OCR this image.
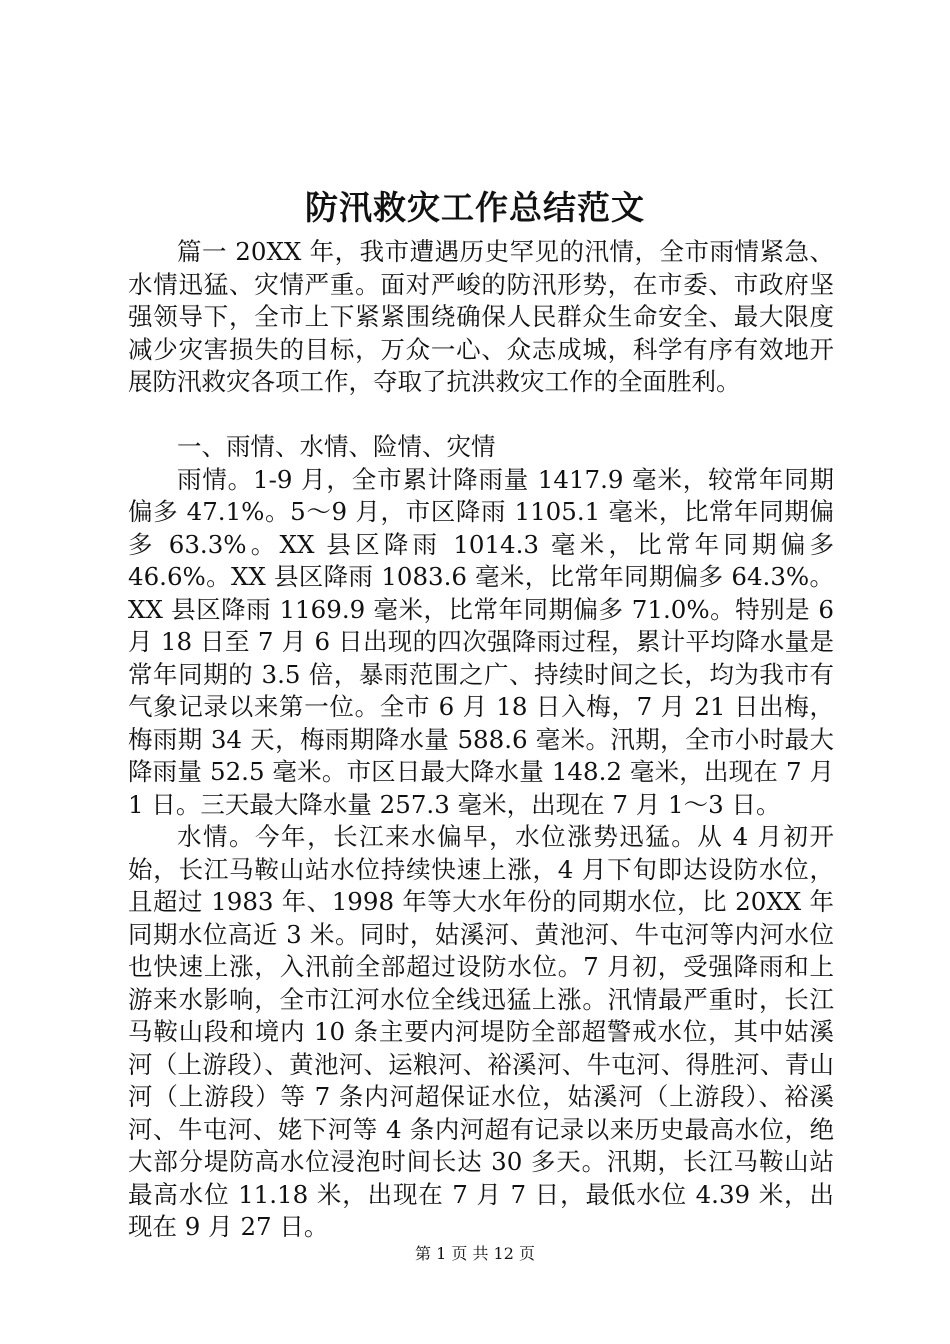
防汛救灾工作总结范文

篇一 20XX 年，我市遭遇历史罕见的汛情，全市雨情紧急、水情迅猛、灾情严重。面对严峻的防汛形势，在市委、市政府坚强领导下，全市上下紧紧围绕确保人民群众生命安全、最大限度减少灾害损失的目标，万众一心、众志成城，科学有序有效地开展防汛救灾各项工作，夺取了抗洪救灾工作的全面胜利。

一、雨情、水情、险情、灾情

雨情。1-9 月，全市累计降雨量 1417.9 毫米，较常年同期偏多 47.1%。5～9 月，市区降雨 1105.1 毫米，比常年同期偏多 63.3%。XX 县区降雨 1014.3 毫米，比常年同期偏多 46.6%。XX 县区降雨 1083.6 毫米，比常年同期偏多 64.3%。XX 县区降雨 1169.9 毫米，比常年同期偏多 71.0%。特别是 6 月 18 日至 7 月 6 日出现的四次强降雨过程，累计平均降水量是常年同期的 3.5 倍，暴雨范围之广、持续时间之长，均为我市有气象记录以来第一位。全市 6 月 18 日入梅，7 月 21 日出梅，梅雨期 34 天，梅雨期降水量 588.6 毫米。汛期，全市小时最大降雨量 52.5 毫米。市区日最大降水量 148.2 毫米，出现在 7 月 1 日。三天最大降水量 257.3 毫米，出现在 7 月 1～3 日。

水情。今年，长江来水偏早，水位涨势迅猛。从 4 月初开始，长江马鞍山站水位持续快速上涨，4 月下旬即达设防水位，且超过 1983 年、1998 年等大水年份的同期水位，比 20XX 年同期水位高近 3 米。同时，姑溪河、黄池河、牛屯河等内河水位也快速上涨，入汛前全部超过设防水位。7 月初，受强降雨和上游来水影响，全市江河水位全线迅猛上涨。汛情最严重时，长江马鞍山段和境内 10 条主要内河堤防全部超警戒水位，其中姑溪河（上游段）、黄池河、运粮河、裕溪河、牛屯河、得胜河、青山河（上游段）等 7 条内河超保证水位，姑溪河（上游段）、裕溪河、牛屯河、姥下河等 4 条内河超有记录以来历史最高水位，绝大部分堤防高水位浸泡时间长达 30 多天。汛期，长江马鞍山站最高水位 11.18 米，出现在 7 月 7 日，最低水位 4.39 米，出现在 9 月 27 日。

第 1 页 共 12 页
